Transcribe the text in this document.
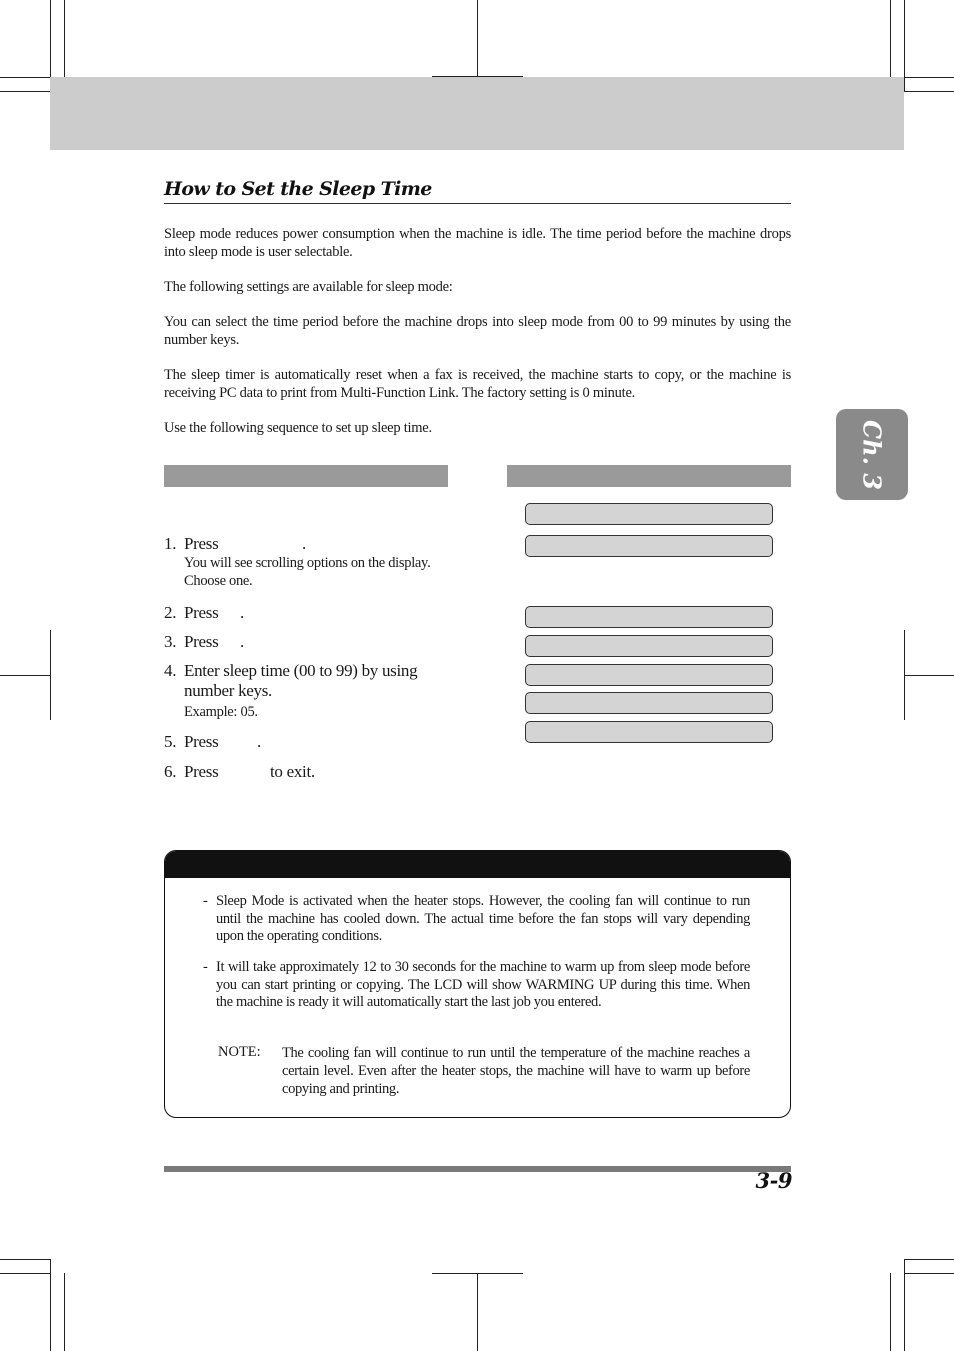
How to Set the Sleep Time
Sleep mode reduces power consumption when the machine is idle. The time period before the machine drops into sleep mode is user selectable.
The following settings are available for sleep mode:
You can select the time period before the machine drops into sleep mode from 00 to 99 minutes by using the number keys.
The sleep timer is automatically reset when a fax is received, the machine starts to copy, or the machine is receiving PC data to print from Multi-Function Link. The factory setting is 0 minute.
Use the following sequence to set up sleep time.	Ch. 3
1. Press	.
You will see scrolling options on the display. Choose one.
2. Press .
3. Press .
4. Enter sleep time (00 to 99) by using number keys.
Example: 05.
5. Press .
6. Press	to exit.
- Sleep Mode is activated when the heater stops. However, the cooling fan will continue to run until the machine has cooled down. The actual time before the fan stops will vary depending upon the operating conditions.
- It will take approximately 12 to 30 seconds for the machine to warm up from sleep mode before you can start printing or copying. The LCD will show WARMING UP during this time. When the machine is ready it will automatically start the last job you entered.
NOTE: The cooling fan will continue to run until the temperature of the machine reaches a certain level. Even after the heater stops, the machine will have to warm up before copying and printing.
3-9
